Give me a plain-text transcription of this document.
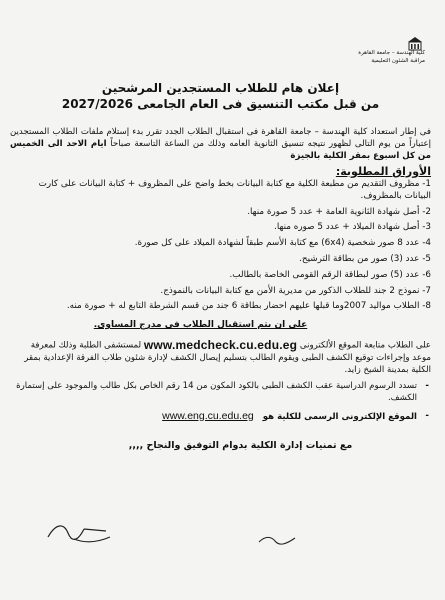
كلية الهندسة – جامعة القاهرة
مراقبة الشئون التعليمية
إعلان هام للطلاب المستجدين المرشحين
من قبل مكتب التنسيق فى العام الجامعى 2027/2026
فى إطار استعداد كلية الهندسة – جامعة القاهرة فى استقبال الطلاب الجدد تقرر بدء إستلام ملفات الطلاب المستجدين إعتباراً من يوم التالى لظهور نتيجه تنسيق الثانوية العامه وذلك من الساعة التاسعة صباحاً ايام الاحد الى الخميس من كل اسبوع بمقر الكلية بالجيزة
الأوراق المطلوبة:
1- مظروف التقديم من مطبعة الكلية مع كتابة البيانات بخط واضح على المظروف + كتابة البيانات على كارت البيانات بالمظروف.
2- أصل شهادة الثانوية العامة + عدد 5 صورة منها.
3- أصل شهادة الميلاد + عدد 5 صوره منها.
4- عدد 8 صور شخصية (6x4) مع كتابة الأسم طبقاً لشهادة الميلاد على كل صورة.
5- عدد (3) صور من بطاقة الترشيح.
6- عدد (5) صور لبطاقة الرقم القومى الخاصة بالطالب.
7- نموذج 2 جند للطلاب الذكور من مديرية الأمن مع كتابة البيانات بالنموذج.
8- الطلاب مواليد 2007وما قبلها عليهم احضار بطاقة 6 جند من قسم الشرطة التابع له + صورة منه.
على ان يتم استقبال الطلاب فى مدرج المساوى.
على الطلاب متابعة الموقع الألكترونى www.medcheck.cu.edu.eg لمستشفى الطلبة وذلك لمعرفة موعد وإجراءات توقيع الكشف الطبى ويقوم الطالب بتسليم إيصال الكشف لإدارة شئون طلاب الفرقة الإعدادية بمقر الكلية بمدينة الشيخ زايد.
-
تسدد الرسوم الدراسية عقب الكشف الطبى بالكود المكون من 14 رقم الخاص بكل طالب والموجود على إستمارة الكشف.
-
الموقع الإلكترونى الرسمى للكلية هو www.eng.cu.edu.eg
مع تمنيات إدارة الكلية بدوام التوفيق والنجاح ,,,,
